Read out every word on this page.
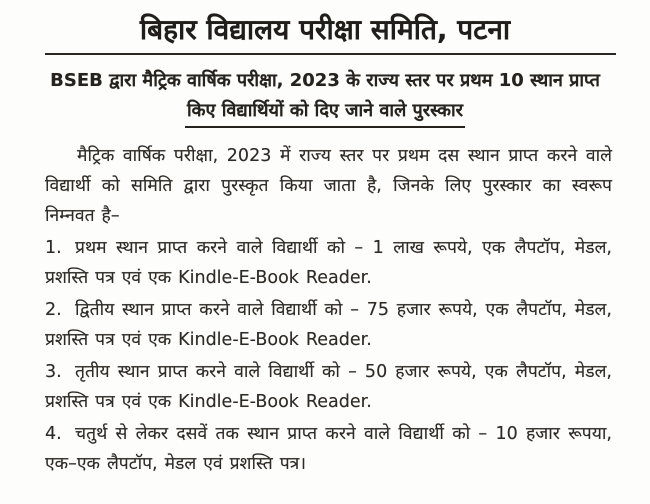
बिहार विद्यालय परीक्षा समिति, पटना
BSEB द्वारा मैट्रिक वार्षिक परीक्षा, 2023 के राज्य स्तर पर प्रथम 10 स्थान प्राप्त
किए विद्यार्थियों को दिए जाने वाले पुरस्कार

मैट्रिक वार्षिक परीक्षा, 2023 में राज्य स्तर पर प्रथम दस स्थान प्राप्त करने वाले विद्यार्थी को समिति द्वारा पुरस्कृत किया जाता है, जिनके लिए पुरस्कार का स्वरूप निम्नवत है–

1. प्रथम स्थान प्राप्त करने वाले विद्यार्थी को – 1 लाख रूपये, एक लैपटॉप, मेडल, प्रशस्ति पत्र एवं एक Kindle-E-Book Reader.

2. द्वितीय स्थान प्राप्त करने वाले विद्यार्थी को – 75 हजार रूपये, एक लैपटॉप, मेडल, प्रशस्ति पत्र एवं एक Kindle-E-Book Reader.

3. तृतीय स्थान प्राप्त करने वाले विद्यार्थी को – 50 हजार रूपये, एक लैपटॉप, मेडल, प्रशस्ति पत्र एवं एक Kindle-E-Book Reader.

4. चतुर्थ से लेकर दसवें तक स्थान प्राप्त करने वाले विद्यार्थी को – 10 हजार रूपया, एक–एक लैपटॉप, मेडल एवं प्रशस्ति पत्र।
